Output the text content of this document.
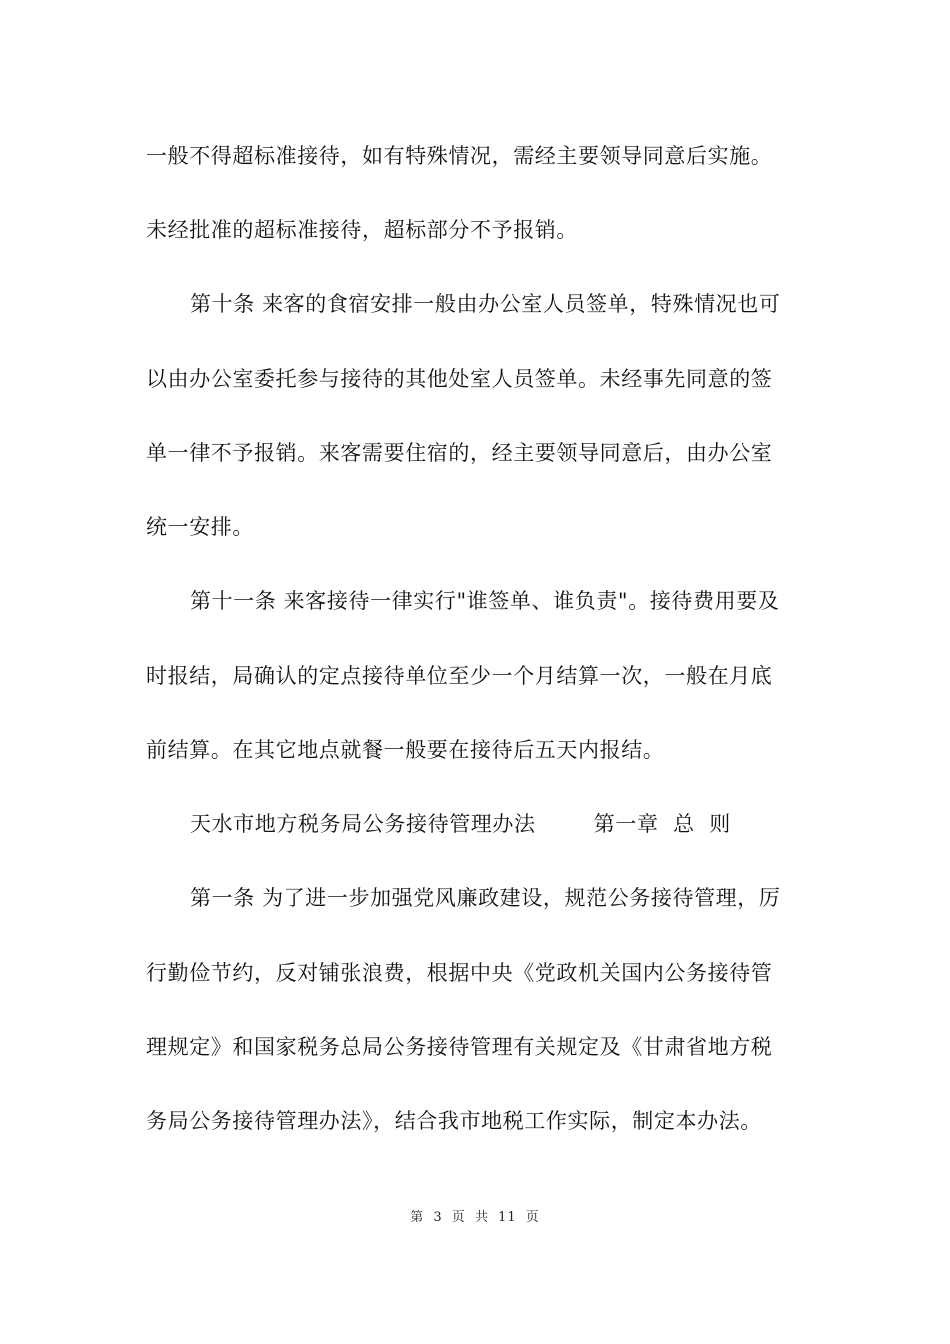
一般不得超标准接待，如有特殊情况，需经主要领导同意后实施。
未经批准的超标准接待，超标部分不予报销。
第十条 来客的食宿安排一般由办公室人员签单，特殊情况也可
以由办公室委托参与接待的其他处室人员签单。未经事先同意的签
单一律不予报销。来客需要住宿的，经主要领导同意后，由办公室
统一安排。
第十一条 来客接待一律实行"谁签单、谁负责"。接待费用要及
时报结，局确认的定点接待单位至少一个月结算一次，一般在月底
前结算。在其它地点就餐一般要在接待后五天内报结。
天水市地方税务局公务接待管理办法        第一章  总  则
第一条 为了进一步加强党风廉政建设，规范公务接待管理，厉
行勤俭节约，反对铺张浪费，根据中央《党政机关国内公务接待管
理规定》和国家税务总局公务接待管理有关规定及《甘肃省地方税
务局公务接待管理办法》，结合我市地税工作实际，制定本办法。
第 3 页 共 11 页
